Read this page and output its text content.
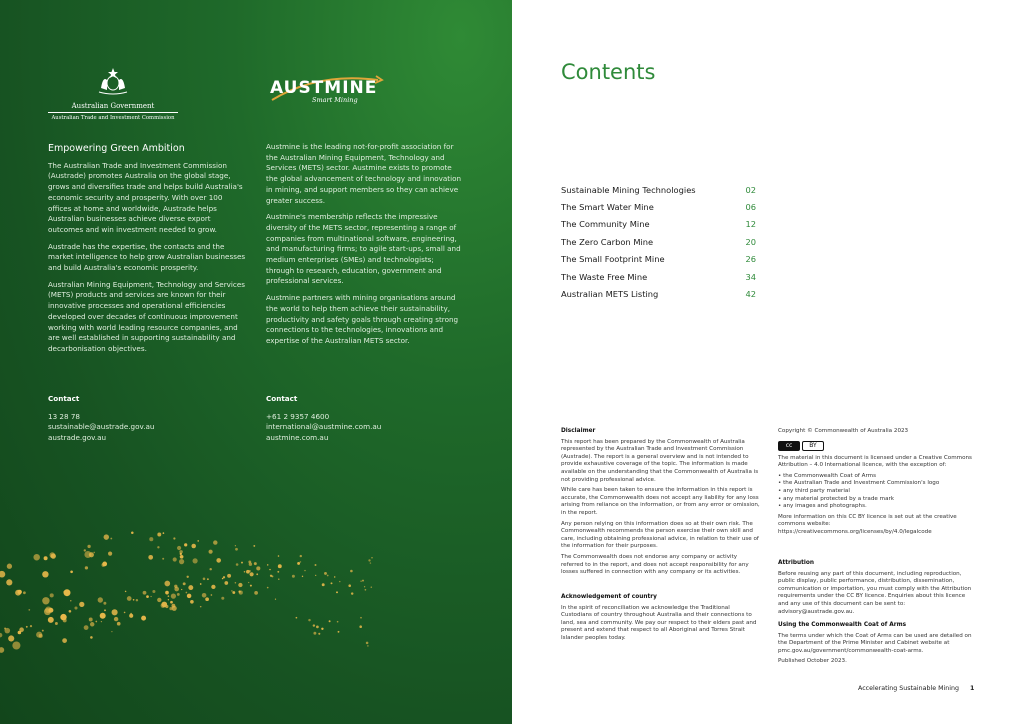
Australian Government
Australian Trade and Investment Commission
AUSTMINE
Smart Mining
Empowering Green Ambition

The Australian Trade and Investment Commission (Austrade) promotes Australia on the global stage, grows and diversifies trade and helps build Australia's economic security and prosperity. With over 100 offices at home and worldwide, Austrade helps Australian businesses achieve diverse export outcomes and win investment needed to grow.

Austrade has the expertise, the contacts and the market intelligence to help grow Australian businesses and build Australia's economic prosperity.

Australian Mining Equipment, Technology and Services (METS) products and services are known for their innovative processes and operational efficiencies developed over decades of continuous improvement working with world leading resource companies, and are well established in supporting sustainability and decarbonisation objectives.

Austmine is the leading not-for-profit association for the Australian Mining Equipment, Technology and Services (METS) sector. Austmine exists to promote the global advancement of technology and innovation in mining, and support members so they can achieve greater success.

Austmine's membership reflects the impressive diversity of the METS sector, representing a range of companies from multinational software, engineering, and manufacturing firms; to agile start-ups, small and medium enterprises (SMEs) and technologists; through to research, education, government and professional services.

Austmine partners with mining organisations around the world to help them achieve their sustainability, productivity and safety goals through creating strong connections to the technologies, innovations and expertise of the Australian METS sector.

Contact
13 28 78
sustainable@austrade.gov.au
austrade.gov.au
Contact
+61 2 9357 4600
international@austmine.com.au
austmine.com.au
Contents
Sustainable Mining Technologies	02
The Smart Water Mine	06
The Community Mine	12
The Zero Carbon Mine	20
The Small Footprint Mine	26
The Waste Free Mine	34
Australian METS Listing	42
Disclaimer

This report has been prepared by the Commonwealth of Australia represented by the Australian Trade and Investment Commission (Austrade). The report is a general overview and is not intended to provide exhaustive coverage of the topic. The information is made available on the understanding that the Commonwealth of Australia is not providing professional advice.

While care has been taken to ensure the information in this report is accurate, the Commonwealth does not accept any liability for any loss arising from reliance on the information, or from any error or omission, in the report.

Any person relying on this information does so at their own risk. The Commonwealth recommends the person exercise their own skill and care, including obtaining professional advice, in relation to their use of the information for their purposes.

The Commonwealth does not endorse any company or activity referred to in the report, and does not accept responsibility for any losses suffered in connection with any company or its activities.

Acknowledgement of country

In the spirit of reconciliation we acknowledge the Traditional Custodians of country throughout Australia and their connections to land, sea and community. We pay our respect to their elders past and present and extend that respect to all Aboriginal and Torres Strait Islander peoples today.

Copyright © Commonwealth of Australia 2023

cc	BY

The material in this document is licensed under a Creative Commons Attribution – 4.0 International licence, with the exception of:

• the Commonwealth Coat of Arms
• the Australian Trade and Investment Commission's logo
• any third party material
• any material protected by a trade mark
• any images and photographs.

More information on this CC BY licence is set out at the creative commons website: https://creativecommons.org/licenses/by/4.0/legalcode

Attribution

Before reusing any part of this document, including reproduction, public display, public performance, distribution, dissemination, communication or importation, you must comply with the Attribution requirements under the CC BY licence. Enquiries about this licence and any use of this document can be sent to: advisory@austrade.gov.au.

Using the Commonwealth Coat of Arms

The terms under which the Coat of Arms can be used are detailed on the Department of the Prime Minister and Cabinet website at pmc.gov.au/government/commonwealth-coat-arms.

Published October 2023.

Accelerating Sustainable Mining 1
